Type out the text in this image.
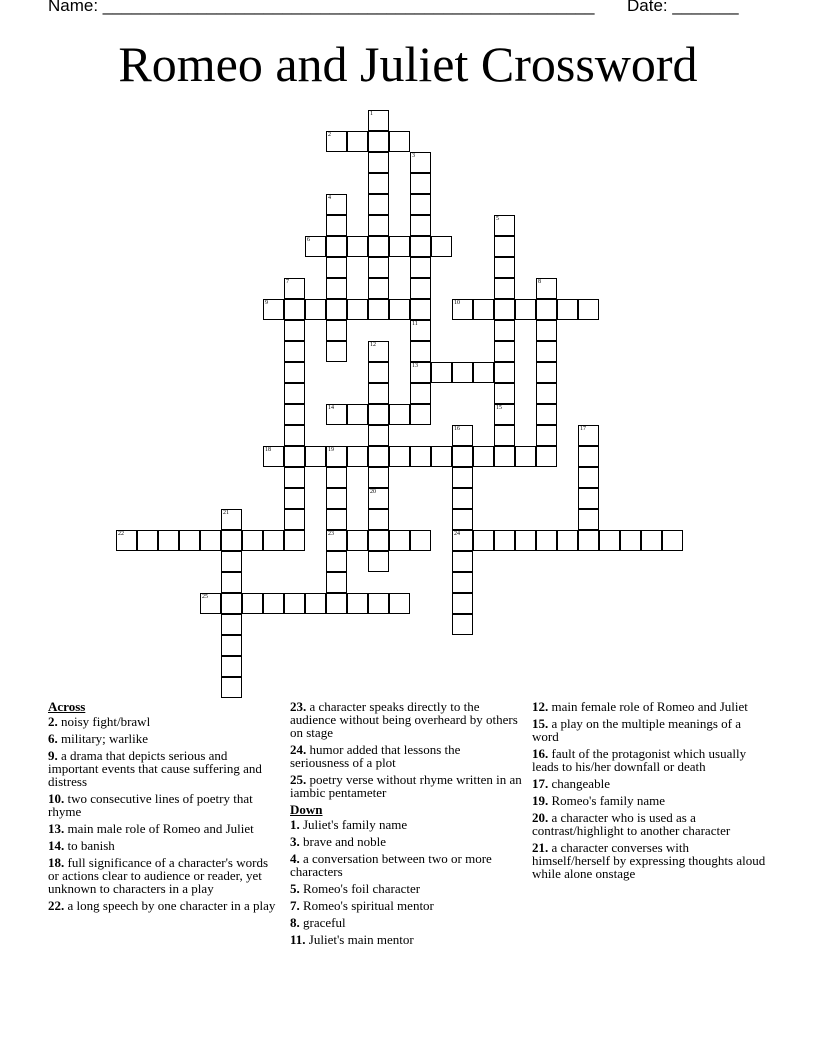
Name: ____________________________________________________ Date: _______
Romeo and Juliet Crossword
1
2
3
4
5
6
7	8
9	10
11
13
12
20
14	15
16
24
17
18	19
23
21
22
25
Across
2. noisy fight/brawl
6. military; warlike
9. a drama that depicts serious and important events that cause suffering and distress
10. two consecutive lines of poetry that rhyme
13. main male role of Romeo and Juliet
14. to banish
18. full significance of a character's words or actions clear to audience or reader, yet unknown to characters in a play
22. a long speech by one character in a play
23. a character speaks directly to the audience without being overheard by others on stage
24. humor added that lessons the seriousness of a plot
25. poetry verse without rhyme written in an iambic pentameter
Down
1. Juliet's family name
3. brave and noble
4. a conversation between two or more characters
5. Romeo's foil character
7. Romeo's spiritual mentor
8. graceful
11. Juliet's main mentor
12. main female role of Romeo and Juliet
15. a play on the multiple meanings of a word
16. fault of the protagonist which usually leads to his/her downfall or death
17. changeable
19. Romeo's family name
20. a character who is used as a contrast/highlight to another character
21. a character converses with himself/herself by expressing thoughts aloud while alone onstage
